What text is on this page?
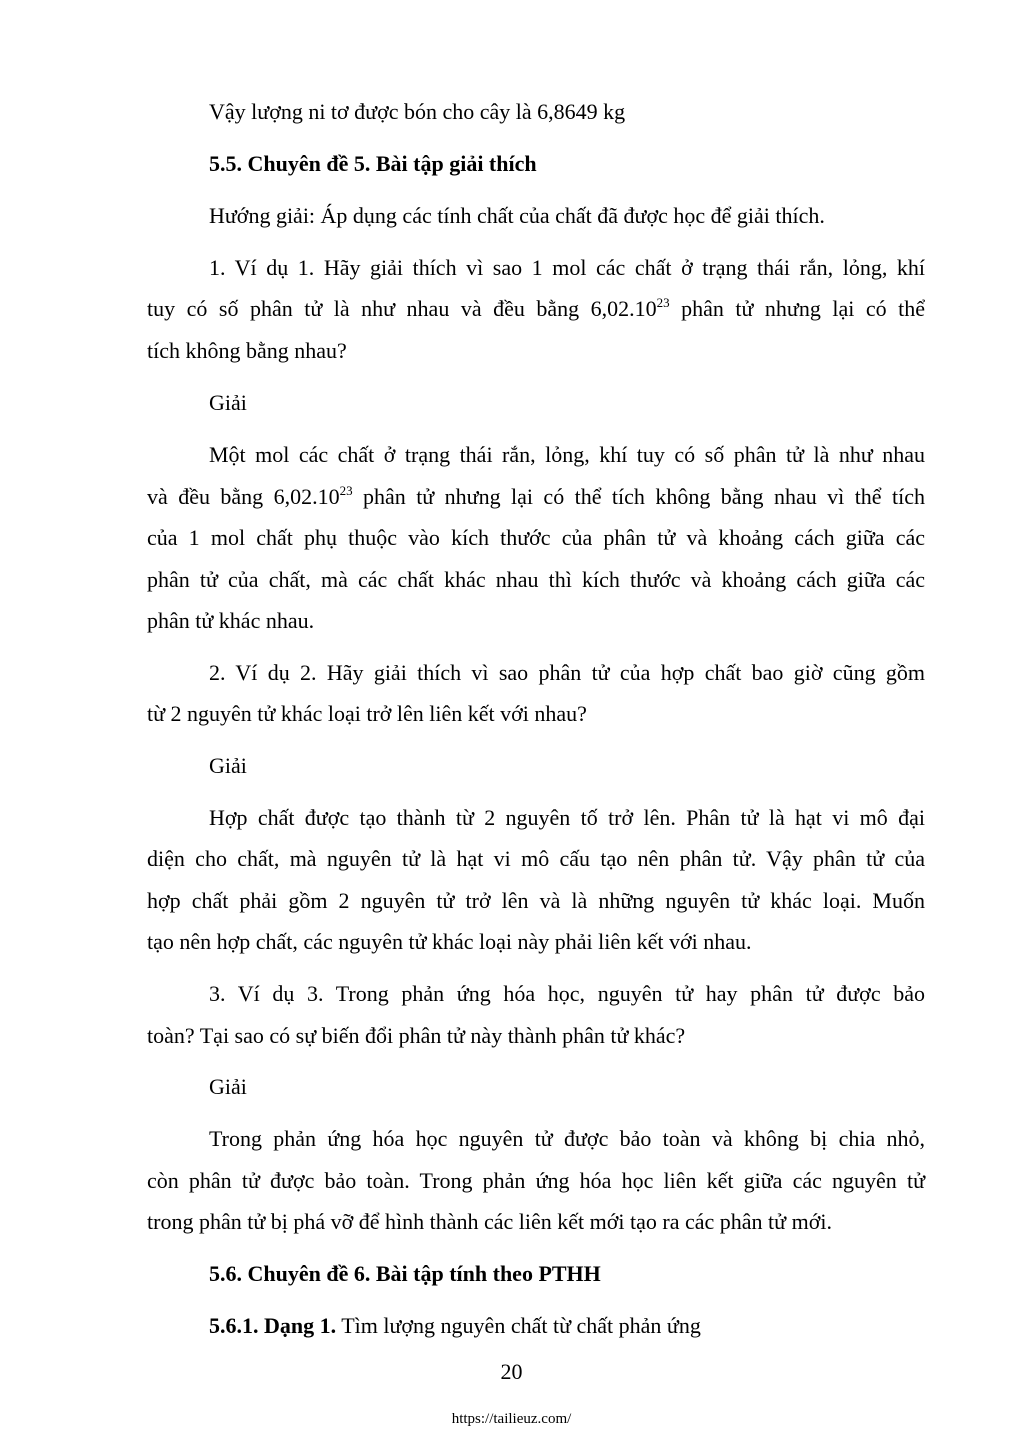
Vậy lượng ni tơ được bón cho cây là 6,8649 kg
5.5. Chuyên đề 5. Bài tập giải thích
Hướng giải: Áp dụng các tính chất của chất đã được học để giải thích.
1. Ví dụ 1. Hãy giải thích vì sao 1 mol các chất ở trạng thái rắn, lỏng, khí
tuy có số phân tử là như nhau và đều bằng 6,02.10$^{23}$ phân tử nhưng lại có thể
tích không bằng nhau?
Giải
Một mol các chất ở trạng thái rắn, lỏng, khí tuy có số phân tử là như nhau
và đều bằng 6,02.10$^{23}$ phân tử nhưng lại có thể tích không bằng nhau vì thể tích
của 1 mol chất phụ thuộc vào kích thước của phân tử và khoảng cách giữa các
phân tử của chất, mà các chất khác nhau thì kích thước và khoảng cách giữa các
phân tử khác nhau.
2. Ví dụ 2. Hãy giải thích vì sao phân tử của hợp chất bao giờ cũng gồm
từ 2 nguyên tử khác loại trở lên liên kết với nhau?
Giải
Hợp chất được tạo thành từ 2 nguyên tố trở lên. Phân tử là hạt vi mô đại
diện cho chất, mà nguyên tử là hạt vi mô cấu tạo nên phân tử. Vậy phân tử của
hợp chất phải gồm 2 nguyên tử trở lên và là những nguyên tử khác loại. Muốn
tạo nên hợp chất, các nguyên tử khác loại này phải liên kết với nhau.
3. Ví dụ 3. Trong phản ứng hóa học, nguyên tử hay phân tử được bảo
toàn? Tại sao có sự biến đổi phân tử này thành phân tử khác?
Giải
Trong phản ứng hóa học nguyên tử được bảo toàn và không bị chia nhỏ,
còn phân tử được bảo toàn. Trong phản ứng hóa học liên kết giữa các nguyên tử
trong phân tử bị phá vỡ để hình thành các liên kết mới tạo ra các phân tử mới.
5.6. Chuyên đề 6. Bài tập tính theo PTHH
5.6.1. Dạng 1. Tìm lượng nguyên chất từ chất phản ứng
20
https://tailieuz.com/
